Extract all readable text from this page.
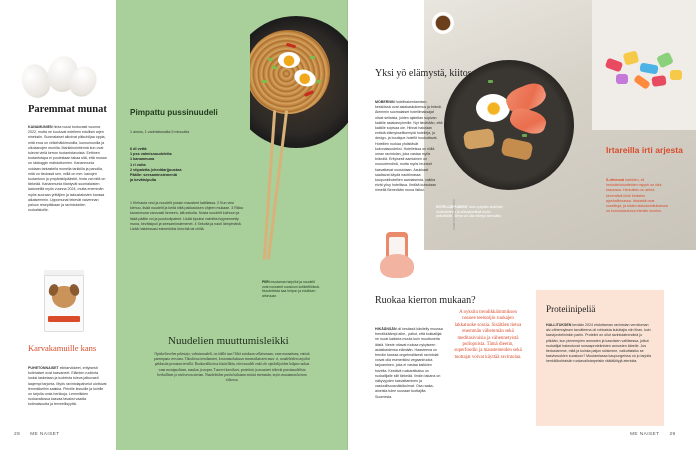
Paremmat munat
KANAMUNIEN hinta nousi tuntuvasti vuonna 2022, mutta ne kuuluvat edelleen edullisin arjen eineksiin. Suomalaiset alkoivat pikkuhiljaa oppia, mitä eroa on virikehäkkimunilla, luomumunilla ja ulkokanojen munilla. Markkinointiennä kun ovat tulevat vielä kerron tuotantotavoista. Eettinen tuotantotapa ei puolestaan takaa sitä, että munan on skidoggin mahdottomien. Kananmunia voidaan tarkastella monella tarkkilla ja panoilla, mitä on tiedossä sen, millä on mm. kanojen tuotantoon ja ympäristöpäästöt, hinta vai mitä on tärkeää. Kananmunia tilantyvät suomalaisten laatuneillä myös vuonna 2024, mutta enemmän myös suoraan yrittäjien ja taloustalosten kanssa aikaisemmin. Uppomunat tekevät vaivennan paluun reseptikkaan ja ravintoloiden ruokalistoille.
Karvakamuille kans
PUHETONNAISET elintarvikkeet, erityisesti kotimaiset ovat kasvaneet. Eläinten ruokinta luoksi lasketaan ja tuoteista tuleva jatkuvasti laajempi tarjonta. Myös ravintolapalvelut ulottuvat lemmikkeihin saakka. Pienille kissoille ja koirille on tarjolla omia herkkuja. Lemmikkien ruokavaliossa kasvaa tavaksi vaadia kotimaisuutta ja terveellisyyttä.
28 ME NAISET
Pimpattu pussinuudeli
1 annos, 1 vadmistusaika 5 minuuttia
6 dl vettä
1 pss valmisnuudeleita
1 kananmuna
1 rl voita
2 viipaletta (cheddar)juustoa
Päälle: seesaminsiemeniä
ja kevätsipulia
1 Kiehauta vesi ja nuudelit pussin mausteet kattilassa. 2 Kun vesi kiehuu, lisää nuudelit ja keitä niitä pakkauksen ohjeen mukaan. 3 Rikko kananmuna varovasti liemeen, älä sekoita. Nosta nuudelit kulhoon ja lisää päälle voi ja juustoviipaleet. Lisää lopuksi valmiiksi kypsennetty muna, kevätsipuli ja seesaminsiemenet. 4 Sekoita ja nauti lämpimänä. Lisää halutessasi esimerkiksi kimchiä tai chiliä.
PIIRI muutaman tarjoilut ja nuudelit ovat nousseet suosioon kotikeittiöissä. Nuudeleista saa helpon ja edullisen arkiruuan.
Nuudelien muuttumisleikki
Opiskelivoelen pelastaja, valmisnuudeli, on täällä taas! Sikä suinkaan sellaisenaan, vaan nuunattuna, entistä parempana versiona. Tiktokissa trendanneet, kostumuokattuun ennenaikaiseen muu- ri, nuudeleiden tarjoilut pakkasiin perutaan teesillä. Ruokavalikoissa käsitellään, ettei nuudeli enää ole opiskelijoiden halpaa ruokaa vaan monipuolinen, maukas ja nopea. Tuoreet kasvikset, proteiinit ja mausteet tekevät pussinuudelista herkullisen ja ravitsevan aterian. Nuudeleiden pariin halutaan entistä enemmän, myös muutaman kerran viikossa.
HOTELLIBRUNSSIT ovat nykyään kuitenkin houkuttelevia ja elämyksellisiä myös paikallisille. Ateria voi olla elämys itsessään.
KUVA SHUTTERSTOCK
Yksi yö elämystä, kiitos
MOBERNIN hotellirakentamisen keskiössä ovat asiakaskokemus ja brändi. Aiemmin suomalaiset hotellimaksajat olivat sellaisia, joiden ajatellan sopivan kaikille asiakasryhmille. Nyt tiedetään, että kaikille sopivaa ole. Hinnat halutaan entistä elämyksellisempiä hotelleja, ja design- ja boutique-hotellit houkuttavat. Hotellien ruokaa yhdistävät kokonaisuudeksi. Hotelleissa on niillä oman ravintolan, joka vastaa myös brändiä. Erityisesti aamiainen on nousutrendinä, mutta myös brunssit kasvattavat suosiotaan. Asukkaat saattavat käydä nauttimassa kaupunkihotellien aamiaisesta, vaikka eivät yövy hotellissa. Ilmiötä kutsutaan nimellä Benedictin muna lisiksi.
Ruokaa kierron mukaan?
HIKÄÄNSÄN oli kesässä käsitelly muussa trendikkäämpi aihe,. patiot, että kokkailijat ne ruoat kaikkea muuta kuin muuttuneita iäisiä. Neste ottavat ruokaa nykyiseen asiakkaidensa elämään. Haasteena on trendin kanssa ongelmallisesti ravintolat voivat olla esimerkiksi vegaaniruoka tarjoaminen, joka ei vastaa kaikkien toiveita. Kestävä ruokaratkaisu on ruokailijalle silti tärkeää. Ilmiön takana on näkyvyyden kasvattaminen ja vastuullisuusnäkökulmat. Osa raaka-aineista tulee suoraan tuottajilta Suomesta.
A nyksiin trendikkäimmiksen nousee teemoijin ruokajen lakkatuoke sossia. Sisältäen tietoa enemmän vähemmän sekä meditasivuisia ja vähennetyistä pullopuista. Tämä dieetin, superfoodin ja maustemeiden sekä tuottajat voivat käyttää ravintolaa.
Irtareilla irti arjesta
S-drivessä karkkien, eli herkuttelutuotteiden myynti on ollut kasvussa. Herkuttelu on arkea keventävä ilmiö ihmisten ajanhallinnassa. Irtokarkit ovat suosittuja, ja niiden laskutoimituksessa on kunnostautunut etenkin nuoriso.
Proteiinipeliä
HALLITUKSEN kevään 2024 ehdottaman ravintolan verottoman alv-vähennyksen tavoitteena oli rohkaista kuluttajia niin lihan, kuin kasviproteiininkin pariin. Proteiini on ollut ravintolatrendinä jo pitkään, kun pienempien annosten ja kasvisten vallitsessa, jotkut ruokailijat hakeutuvat runsasproteiinisten annosten äärelle. Jos tiedostamme, mitä ja kuinka paljon söisimme, vaikuttaisiko se kasvisruokien suosioon? Muutamiassa kaupungeissa on jo tarjolla henkilökohtaisiin ruokavaliotarpeisiin räätälöityjä aterioita.
ME NAISET 29
